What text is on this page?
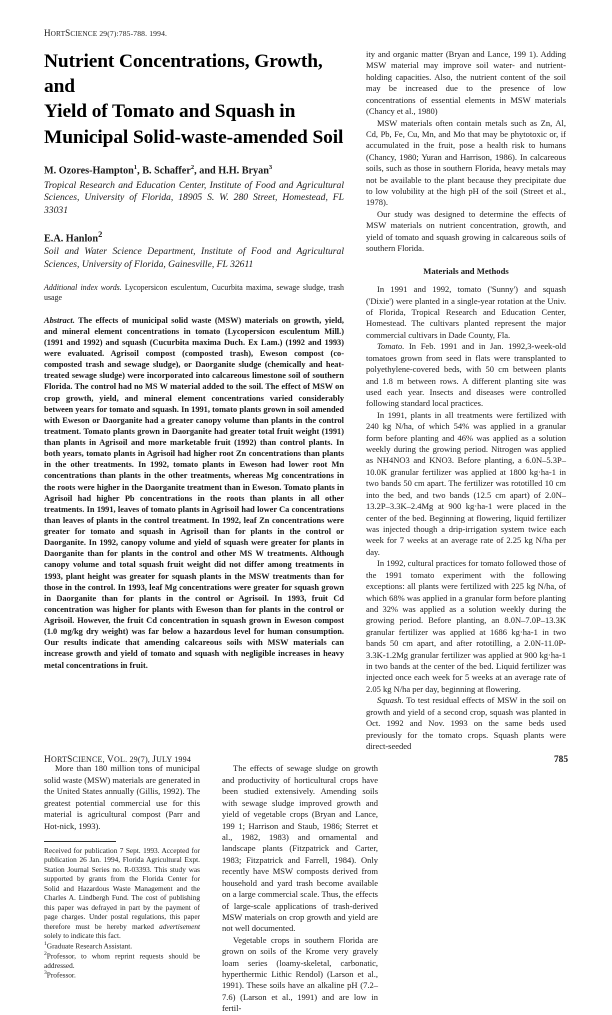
HORTSCIENCE 29(7):785-788. 1994.
Nutrient Concentrations, Growth, and
Yield of Tomato and Squash in
Municipal Solid-waste-amended Soil
M. Ozores-Hampton$^1$, B. Schaffer$^2$, and H.H. Bryan$^3$
Tropical Research and Education Center, Institute of Food and Agricultural Sciences, University of Florida, 18905 S. W. 280 Street, Homestead, FL 33031
E.A. Hanlon$^2$
Soil and Water Science Department, Institute of Food and Agricultural Sciences, University of Florida, Gainesville, FL 32611
Additional index words. Lycopersicon esculentum, Cucurbita maxima, sewage sludge, trash usage
Abstract. The effects of municipal solid waste (MSW) materials on growth, yield, and mineral element concentrations in tomato (Lycopersicon esculentum Mill.) (1991 and 1992) and squash (Cucurbita maxima Duch. Ex Lam.) (1992 and 1993) were evaluated. Agrisoil compost (composted trash), Eweson compost (co-composted trash and sewage sludge), or Daorganite sludge (chemically and heat-treated sewage sludge) were incorporated into calcareous limestone soil of southern Florida. The control had no MS W material added to the soil. The effect of MSW on crop growth, yield, and mineral element concentrations varied considerably between years for tomato and squash. In 1991, tomato plants grown in soil amended with Eweson or Daorganite had a greater canopy volume than plants in the control treatment. Tomato plants grown in Daorganite had greater total fruit weight (1991) than plants in Agrisoil and more marketable fruit (1992) than control plants. In both years, tomato plants in Agrisoil had higher root Zn concentrations than plants in the other treatments. In 1992, tomato plants in Eweson had lower root Mn concentrations than plants in the other treatments, whereas Mg concentrations in the roots were higher in the Daorganite treatment than in Eweson. Tomato plants in Agrisoil had higher Pb concentrations in the roots than plants in all other treatments. In 1991, leaves of tomato plants in Agrisoil had lower Ca concentrations than leaves of plants in the control treatment. In 1992, leaf Zn concentrations were greater for tomato and squash in Agrisoil than for plants in the control or Daorganite. In 1992, canopy volume and yield of squash were greater for plants in Daorganite than for plants in the control and other MS W treatments. Although canopy volume and total squash fruit weight did not differ among treatments in 1993, plant height was greater for squash plants in the MSW treatments than for those in the control. In 1993, leaf Mg concentrations were greater for squash grown in Daorganite than for plants in the control or Agrisoil. In 1993, fruit Cd concentration was higher for plants with Eweson than for plants in the control or Agrisoil. However, the fruit Cd concentration in squash grown in Eweson compost (1.0 mg/kg dry weight) was far below a hazardous level for human consumption. Our results indicate that amending calcareous soils with MSW materials can increase growth and yield of tomato and squash with negligible increases in heavy metal concentrations in fruit.

ity and organic matter (Bryan and Lance, 199 1). Adding MSW material may improve soil water- and nutrient-holding capacities. Also, the nutrient content of the soil may be increased due to the presence of low concentrations of essential elements in MSW materials (Chancy et al., 1980)

MSW materials often contain metals such as Zn, Al, Cd, Pb, Fe, Cu, Mn, and Mo that may be phytotoxic or, if accumulated in the fruit, pose a health risk to humans (Chancy, 1980; Yuran and Harrison, 1986). In calcareous soils, such as those in southern Florida, heavy metals may not be available to the plant because they precipitate due to low volubility at the high pH of the soil (Street et al., 1978).

Our study was designed to determine the effects of MSW materials on nutrient concentration, growth, and yield of tomato and squash growing in calcareous soils of southern Florida.

Materials and Methods

In 1991 and 1992, tomato ('Sunny') and squash ('Dixie') were planted in a single-year rotation at the Univ. of Florida, Tropical Research and Education Center, Homestead. The cultivars planted represent the major commercial cultivars in Dade County, Fla.

Tomato. In Feb. 1991 and in Jan. 1992,3-week-old tomatoes grown from seed in flats were transplanted to polyethylene-covered beds, with 50 cm between plants and 1.8 m between rows. A different planting site was used each year. Insects and diseases were controlled following standard local practices.

In 1991, plants in all treatments were fertilized with 240 kg N/ha, of which 54% was applied in a granular form before planting and 46% was applied as a solution weekly during the growing period. Nitrogen was applied as NH4NO3 and KNO3. Before planting, a 6.0N–5.3P–10.0K granular fertilizer was applied at 1800 kg·ha-1 in two bands 50 cm apart. The fertilizer was rototilled 10 cm into the bed, and two bands (12.5 cm apart) of 2.0N–13.2P–3.3K–2.4Mg at 900 kg·ha-1 were placed in the center of the bed. Beginning at flowering, liquid fertilizer was injected though a drip-irrigation system twice each week for 7 weeks at an average rate of 2.25 kg N/ha per day.

In 1992, cultural practices for tomato followed those of the 1991 tomato experiment with the following exceptions: all plants were fertilized with 225 kg N/ha, of which 68% was applied in a granular form before planting and 32% was applied as a solution weekly during the growing period. Before planting, an 8.0N–7.0P–13.3K granular fertilizer was applied at 1686 kg·ha-1 in two bands 50 cm apart, and after rototilling, a 2.0N-11.0P-3.3K-1.2Mg granular fertilizer was applied at 900 kg·ha-1 in two bands at the center of the bed. Liquid fertilizer was injected once each week for 5 weeks at an average rate of 2.05 kg N/ha per day, beginning at flowering.

Squash. To test residual effects of MSW in the soil on growth and yield of a second crop, squash was planted in Oct. 1992 and Nov. 1993 on the same beds used previously for the tomato crops. Squash plants were direct-seeded

More than 180 million tons of municipal solid waste (MSW) materials are generated in the United States annually (Gillis, 1992). The greatest potential commercial use for this material is agricultural compost (Parr and Hot-nick, 1993).

Received for publication 7 Sept. 1993. Accepted for publication 26 Jan. 1994, Florida Agricultural Expt. Station Journal Series no. R-03393. This study was supported by grants from the Florida Center for Solid and Hazardous Waste Management and the Charles A. Lindbergh Fund. The cost of publishing this paper was defrayed in part by the payment of page charges. Under postal regulations, this paper therefore must be hereby marked advertisement solely to indicate this fact.

$^1$Graduate Research Assistant.

$^2$Professor, to whom reprint requests should be addressed.

$^3$Professor.

The effects of sewage sludge on growth and productivity of horticultural crops have been studied extensively. Amending soils with sewage sludge improved growth and yield of vegetable crops (Bryan and Lance, 199 1; Harrison and Staub, 1986; Sterret et al., 1982, 1983) and ornamental and landscape plants (Fitzpatrick and Carter, 1983; Fitzpatrick and Farrell, 1984). Only recently have MSW composts derived from household and yard trash become available on a large commercial scale. Thus, the effects of large-scale applications of trash-derived MSW materials on crop growth and yield are not well documented.

Vegetable crops in southern Florida are grown on soils of the Krome very gravely loam series (loamy-skeletal, carbonatic, hyperthermic Lithic Rendol) (Larson et al., 1991). These soils have an alkaline pH (7.2–7.6) (Larson et al., 1991) and are low in fertil-

HORTSCIENCE, VOL. 29(7), JULY 1994	785
